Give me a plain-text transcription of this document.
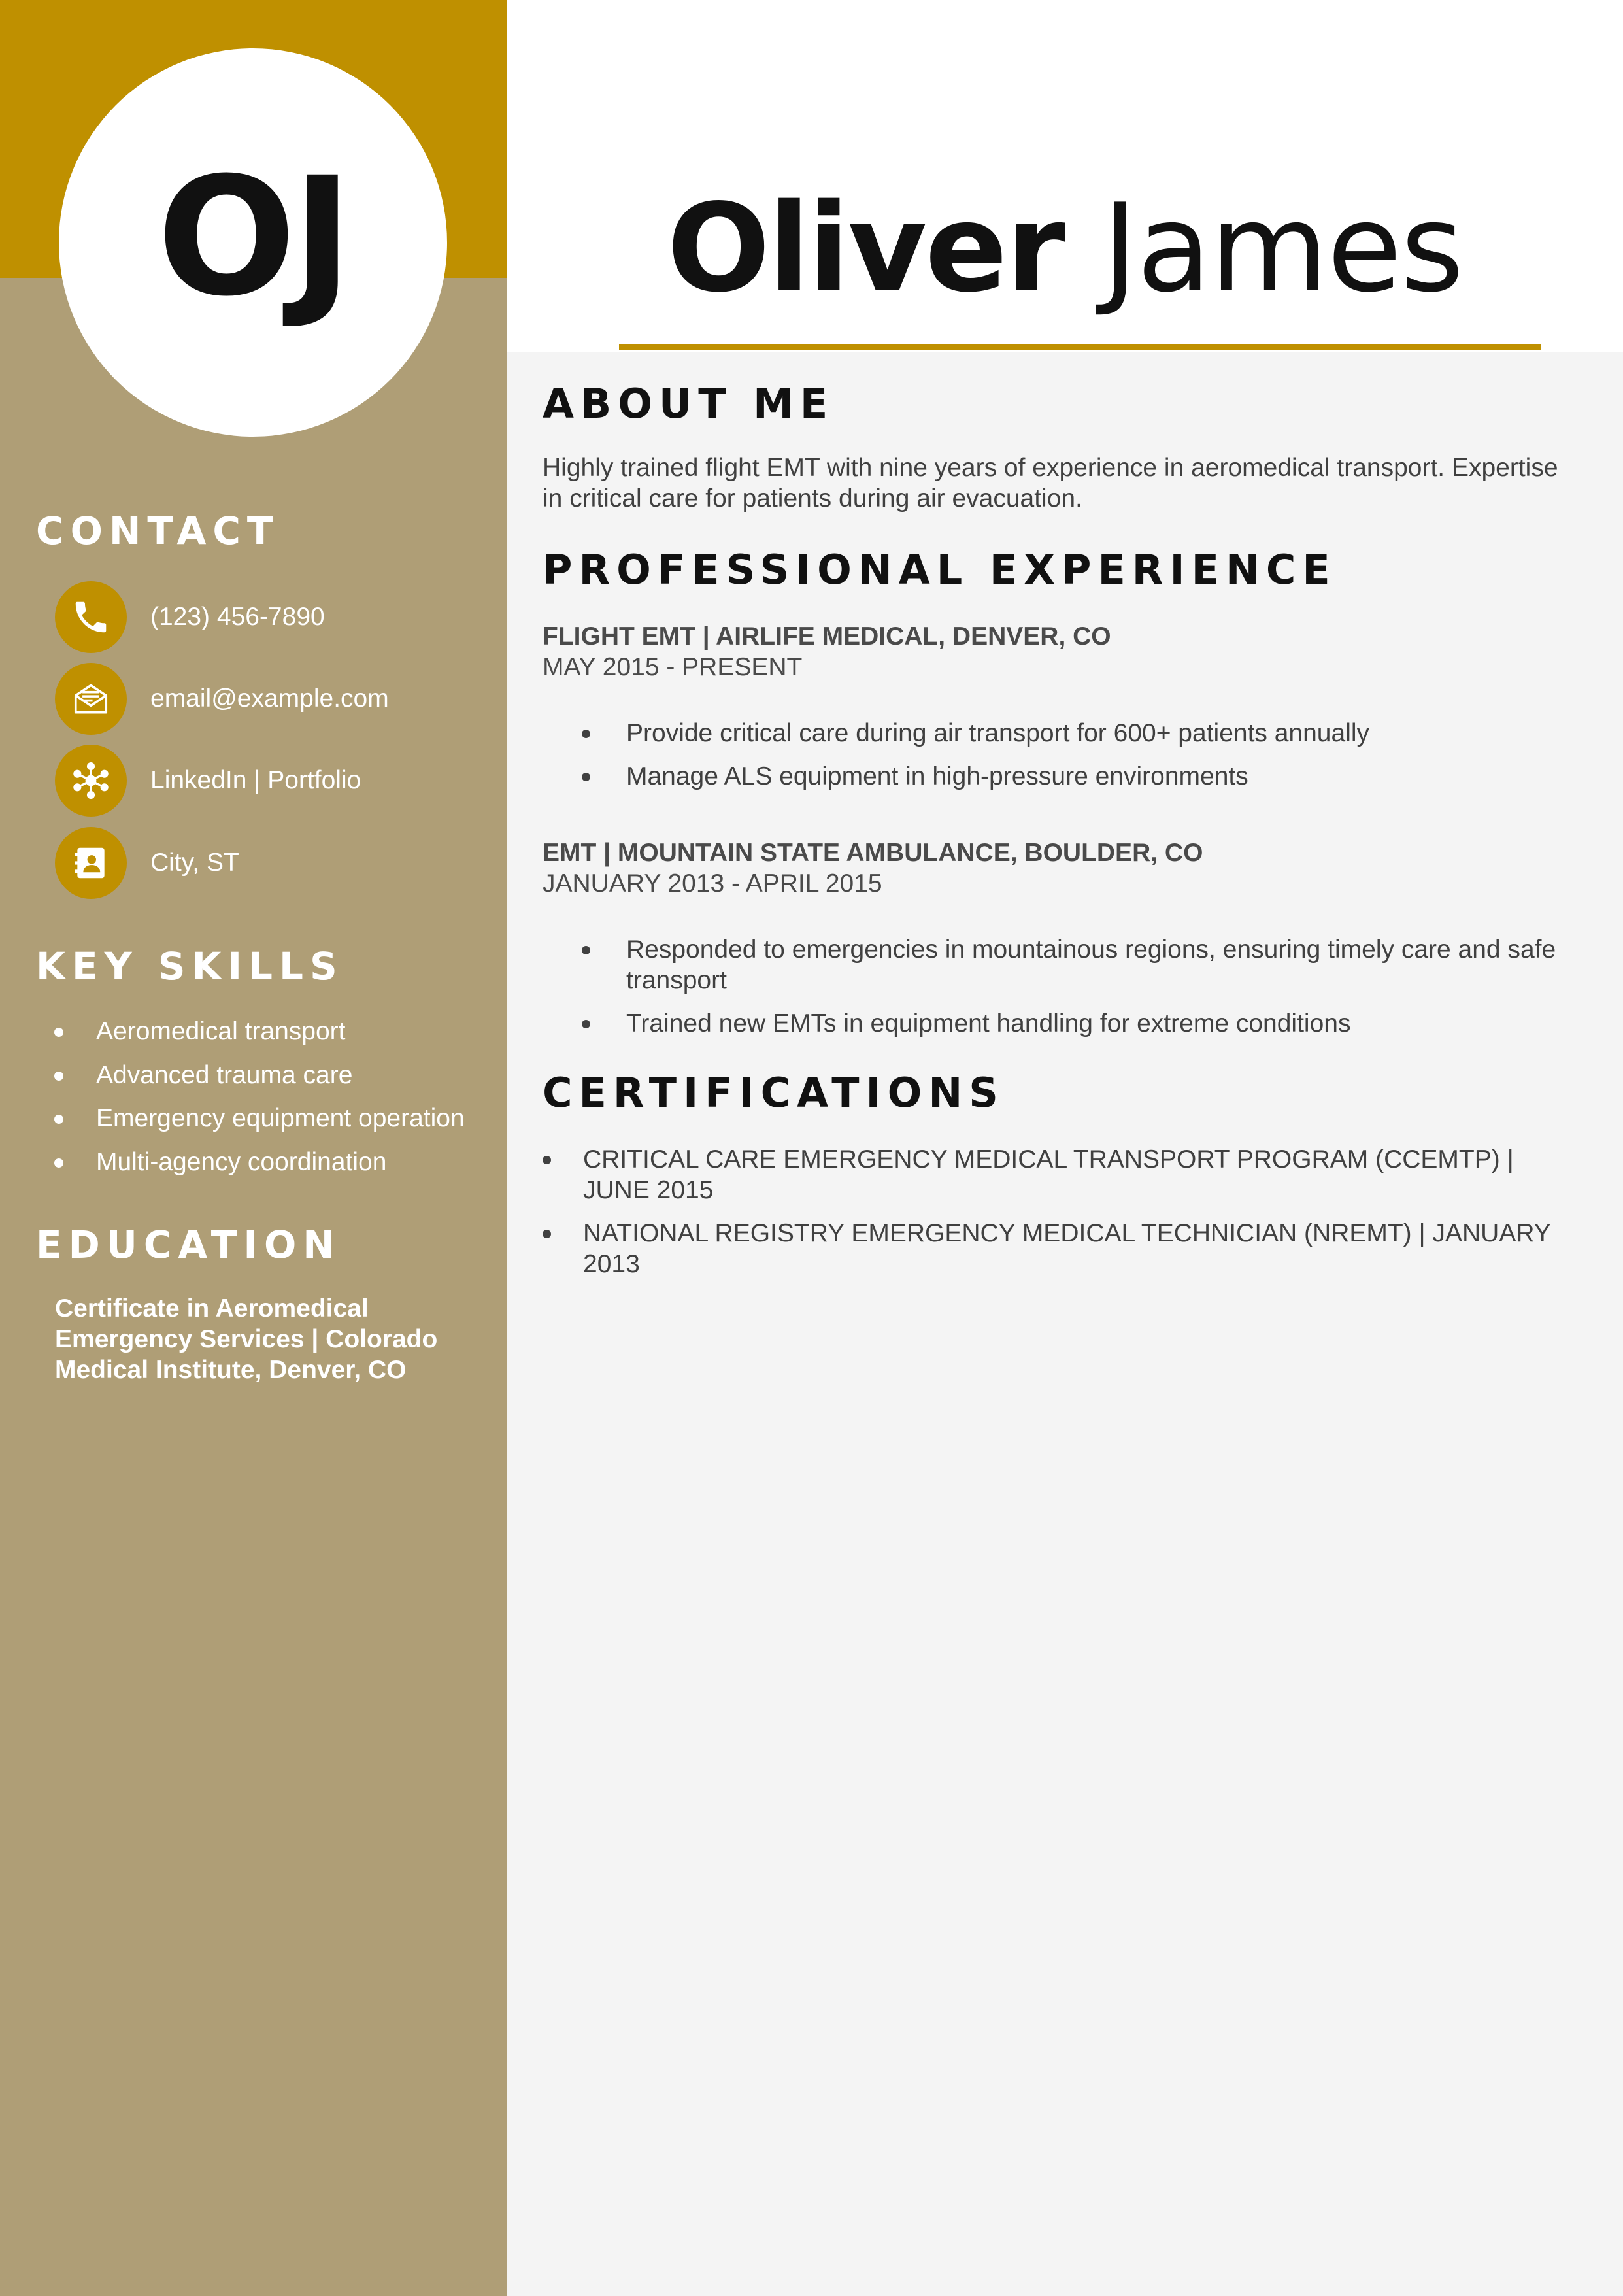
OJ
CONTACT
(123) 456-7890
email@example.com
LinkedIn | Portfolio
City, ST
KEY SKILLS
Aeromedical transport
Advanced trauma care
Emergency equipment operation
Multi-agency coordination
EDUCATION
Certificate in Aeromedical Emergency Services | Colorado Medical Institute, Denver, CO
Oliver James
ABOUT ME
Highly trained flight EMT with nine years of experience in aeromedical transport. Expertise in critical care for patients during air evacuation.
PROFESSIONAL EXPERIENCE
FLIGHT EMT | AIRLIFE MEDICAL, DENVER, CO
MAY 2015 - PRESENT
Provide critical care during air transport for 600+ patients annually
Manage ALS equipment in high-pressure environments
EMT | MOUNTAIN STATE AMBULANCE, BOULDER, CO
JANUARY 2013 - APRIL 2015
Responded to emergencies in mountainous regions, ensuring timely care and safe transport
Trained new EMTs in equipment handling for extreme conditions
CERTIFICATIONS
CRITICAL CARE EMERGENCY MEDICAL TRANSPORT PROGRAM (CCEMTP) | JUNE 2015
NATIONAL REGISTRY EMERGENCY MEDICAL TECHNICIAN (NREMT) | JANUARY 2013
